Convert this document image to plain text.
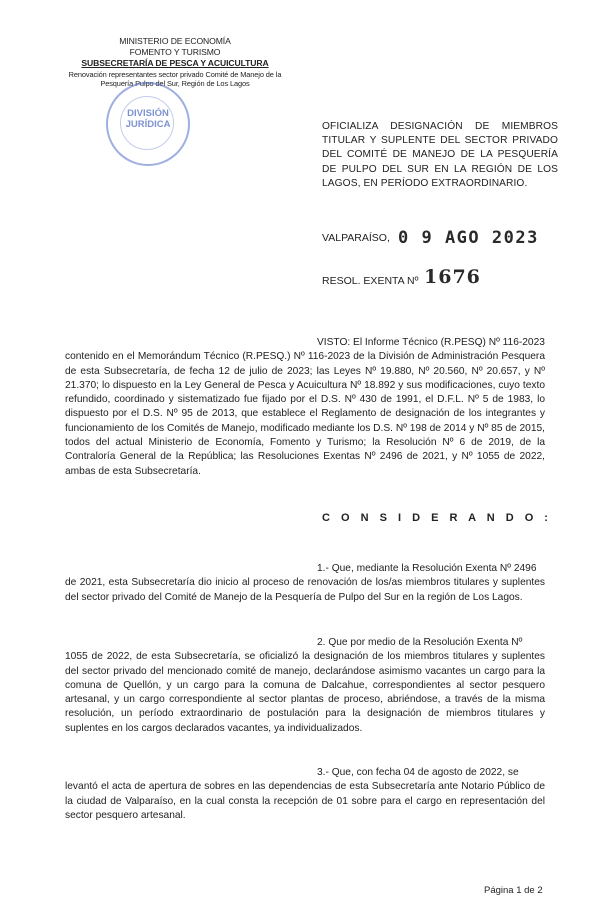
MINISTERIO DE ECONOMÍA
FOMENTO Y TURISMO
SUBSECRETARÍA DE PESCA Y ACUICULTURA
Renovación representantes sector privado Comité de Manejo de la
Pesquería Pulpo del Sur, Región de Los Lagos
DIVISIÓN
JURÍDICA	OFICIALIZA DESIGNACIÓN DE MIEMBROS TITULAR Y SUPLENTE DEL SECTOR PRIVADO DEL COMITÉ DE MANEJO DE LA PESQUERÍA DE PULPO DEL SUR EN LA REGIÓN DE LOS LAGOS, EN PERÍODO EXTRAORDINARIO.
VALPARAÍSO, 0 9 AGO 2023
RESOL. EXENTA Nº 1676
VISTO: El Informe Técnico (R.PESQ) Nº 116-2023
contenido en el Memorándum Técnico (R.PESQ.) Nº 116-2023 de la División de Administración Pesquera de esta Subsecretaría, de fecha 12 de julio de 2023; las Leyes Nº 19.880, Nº 20.560, Nº 20.657, y Nº 21.370; lo dispuesto en la Ley General de Pesca y Acuicultura Nº 18.892 y sus modificaciones, cuyo texto refundido, coordinado y sistematizado fue fijado por el D.S. Nº 430 de 1991, el D.F.L. Nº 5 de 1983, lo dispuesto por el D.S. Nº 95 de 2013, que establece el Reglamento de designación de los integrantes y funcionamiento de los Comités de Manejo, modificado mediante los D.S. Nº 198 de 2014 y Nº 85 de 2015, todos del actual Ministerio de Economía, Fomento y Turismo; la Resolución Nº 6 de 2019, de la Contraloría General de la República; las Resoluciones Exentas Nº 2496 de 2021, y Nº 1055 de 2022, ambas de esta Subsecretaría.
C O N S I D E R A N D O :
1.- Que, mediante la Resolución Exenta Nº 2496
de 2021, esta Subsecretaría dio inicio al proceso de renovación de los/as miembros titulares y suplentes del sector privado del Comité de Manejo de la Pesquería de Pulpo del Sur en la región de Los Lagos.
2. Que por medio de la Resolución Exenta Nº
1055 de 2022, de esta Subsecretaría, se oficializó la designación de los miembros titulares y suplentes del sector privado del mencionado comité de manejo, declarándose asimismo vacantes un cargo para la comuna de Quellón, y un cargo para la comuna de Dalcahue, correspondientes al sector pesquero artesanal, y un cargo correspondiente al sector plantas de proceso, abriéndose, a través de la misma resolución, un período extraordinario de postulación para la designación de miembros titulares y suplentes en los cargos declarados vacantes, ya individualizados.
3.- Que, con fecha 04 de agosto de 2022, se
levantó el acta de apertura de sobres en las dependencias de esta Subsecretaría ante Notario Público de la ciudad de Valparaíso, en la cual consta la recepción de 01 sobre para el cargo en representación del sector pesquero artesanal.
Página 1 de 2
